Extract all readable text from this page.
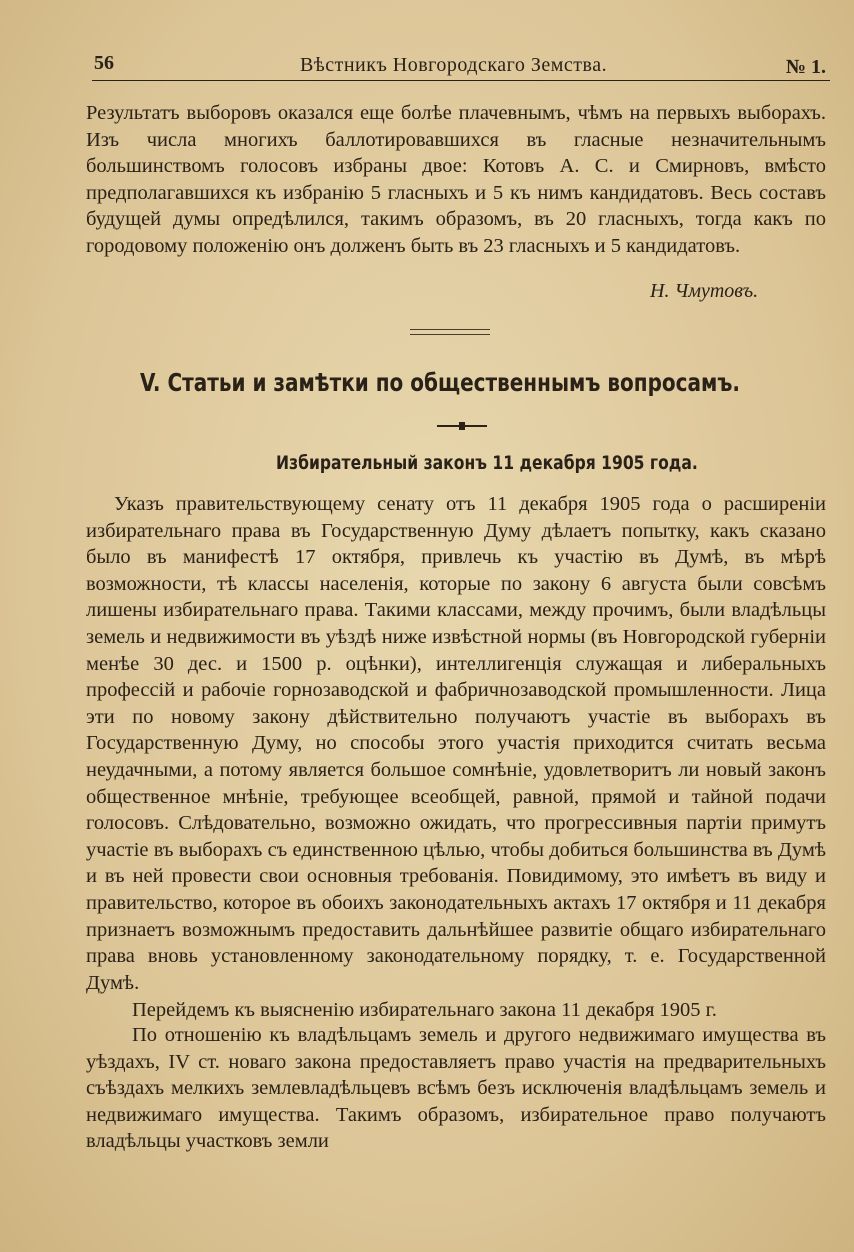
56	Вѣстникъ Новгородскаго Земства.	№ 1.

Результатъ выборовъ оказался еще болѣе плачевнымъ, чѣмъ на первыхъ выборахъ. Изъ числа многихъ баллотировавшихся въ гласные незначительнымъ большинствомъ голосовъ избраны двое: Котовъ А. С. и Смирновъ, вмѣсто предполагавшихся къ избранію 5 гласныхъ и 5 къ нимъ кандидатовъ. Весь составъ будущей думы опредѣлился, такимъ образомъ, въ 20 гласныхъ, тогда какъ по городовому положенію онъ долженъ быть въ 23 гласныхъ и 5 кандидатовъ.

Н. Чмутовъ.
V. Статьи и замѣтки по общественнымъ вопросамъ.
Избирательный законъ 11 декабря 1905 года.

Указъ правительствующему сенату отъ 11 декабря 1905 года о расширеніи избирательнаго права въ Государственную Думу дѣлаетъ попытку, какъ сказано было въ манифестѣ 17 октября, привлечь къ участію въ Думѣ, въ мѣрѣ возможности, тѣ классы населенія, которые по закону 6 августа были совсѣмъ лишены избирательнаго права. Такими классами, между прочимъ, были владѣльцы земель и недвижимости въ уѣздѣ ниже извѣстной нормы (въ Новгородской губерніи менѣе 30 дес. и 1500 р. оцѣнки), интеллигенція служащая и либеральныхъ профессій и рабочіе горнозаводской и фабричнозаводской промышленности. Лица эти по новому закону дѣйствительно получаютъ участіе въ выборахъ въ Государственную Думу, но способы этого участія приходится считать весьма неудачными, а потому является большое сомнѣніе, удовлетворитъ ли новый законъ общественное мнѣніе, требующее всеобщей, равной, прямой и тайной подачи голосовъ. Слѣдовательно, возможно ожидать, что прогрессивныя партіи примутъ участіе въ выборахъ съ единственною цѣлью, чтобы добиться большинства въ Думѣ и въ ней провести свои основныя требованія. Повидимому, это имѣетъ въ виду и правительство, которое въ обоихъ законодательныхъ актахъ 17 октября и 11 декабря признаетъ возможнымъ предоставить дальнѣйшее развитіе общаго избирательнаго права вновь установленному законодательному порядку, т. е. Государственной Думѣ.

Перейдемъ къ выясненію избирательнаго закона 11 декабря 1905 г.

По отношенію къ владѣльцамъ земель и другого недвижимаго имущества въ уѣздахъ, IV ст. новаго закона предоставляетъ право участія на предварительныхъ съѣздахъ мелкихъ землевладѣльцевъ всѣмъ безъ исключенія владѣльцамъ земель и недвижимаго имущества. Такимъ образомъ, избирательное право получаютъ владѣльцы участковъ земли
